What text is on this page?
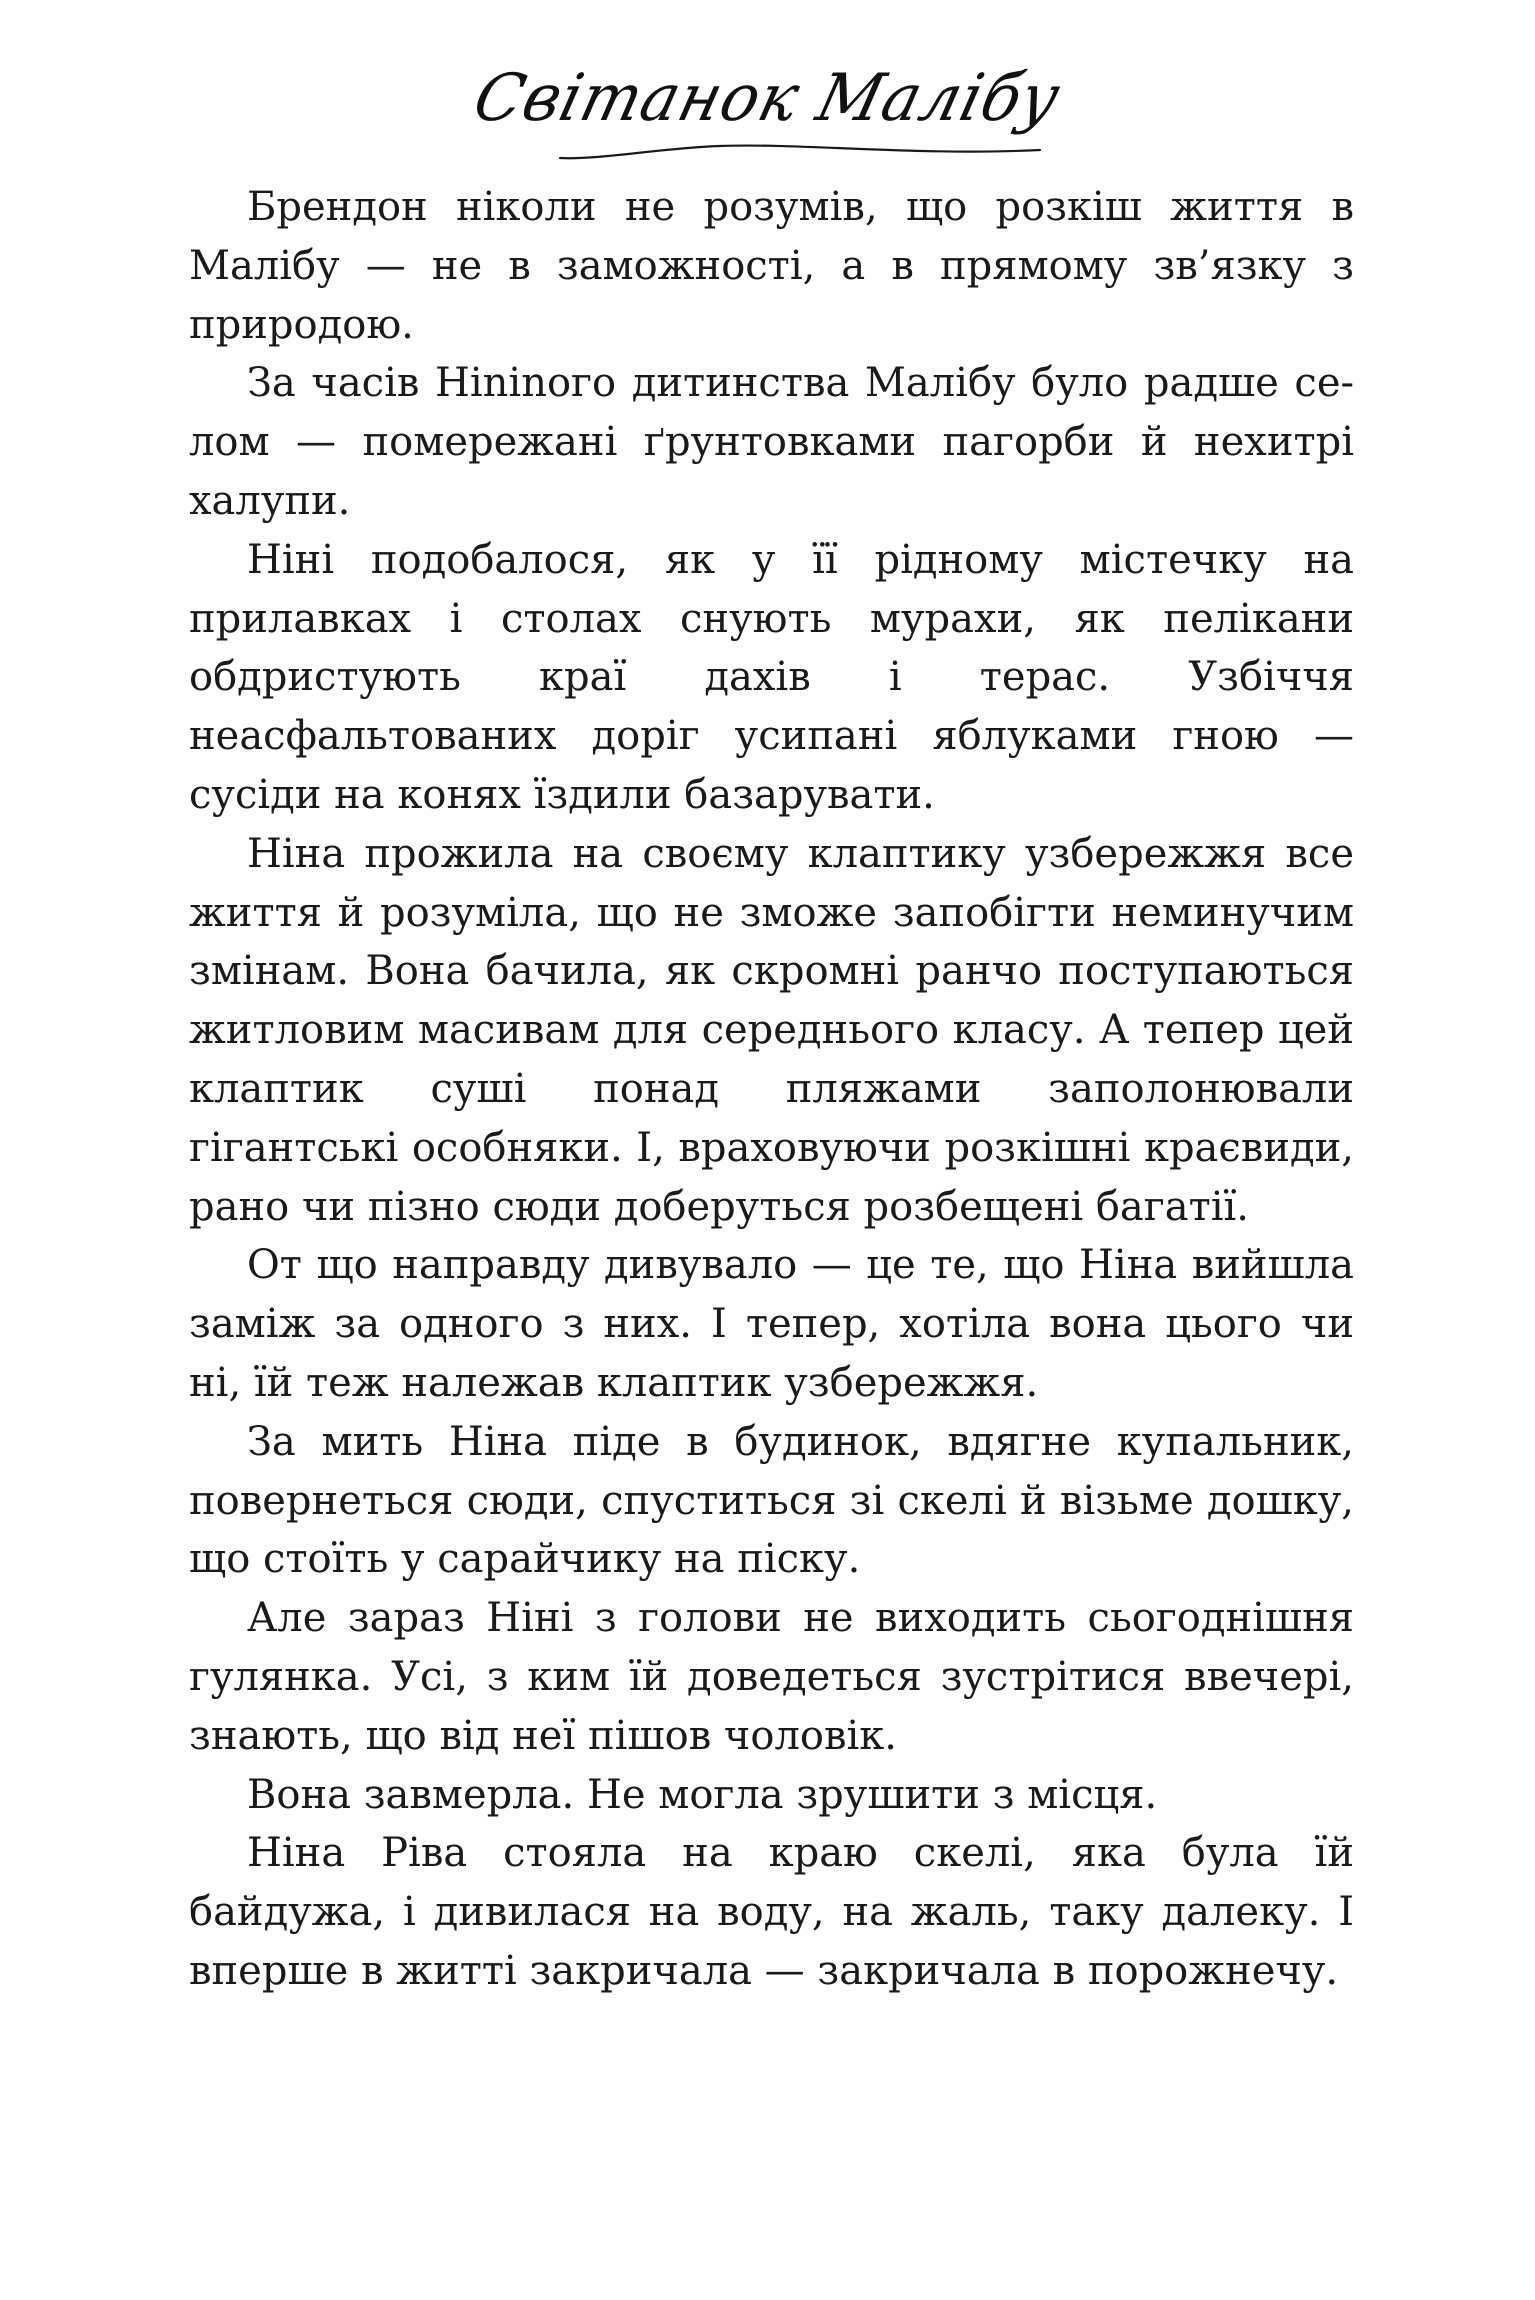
Світанок Малібу

Брендон ніколи не розумів, що розкіш життя в Малібу — не в заможності, а в прямому зв’язку з природою.

За часів Нininого дитинства Малібу було радше селом — померeжані ґрунтовками пагорби й нехитрі халупи.

Ніні подобалося, як у її рідному містечку на прилавках і столах снують мурахи, як пелікани обдристують краї дахів і терас. Узбіччя неасфальтованих доріг усипані яблуками гною — сусіди на конях їздили базарувати.

Ніна прожила на своєму клаптику узбережжя все життя й розуміла, що не зможе запобігти неминучим змінам. Вона бачила, як скромні ранчо поступаються житловим масивам для середнього класу. А тепер цей клаптик суші понад пляжами заполонювали гігантські особняки. І, враховуючи розкішні краєвиди, рано чи пізно сюди доберуться розбещені багатії.

От що направду дивувало — це те, що Ніна вийшла заміж за одного з них. І тепер, хотіла вона цього чи ні, їй теж належав клаптик узбережжя.

За мить Ніна піде в будинок, вдягне купальник, повернеться сюди, спуститься зі скелі й візьме дошку, що стоїть у сарайчику на піску.

Але зараз Ніні з голови не виходить сьогоднішня гулянка. Усі, з ким їй доведеться зустрітися ввечері, знають, що від неї пішов чоловік.

Вона завмерла. Не могла зрушити з місця.

Ніна Ріва стояла на краю скелі, яка була їй байдужа, і дивилася на воду, на жаль, таку далеку. І вперше в житті закричала — закричала в порожнечу.
